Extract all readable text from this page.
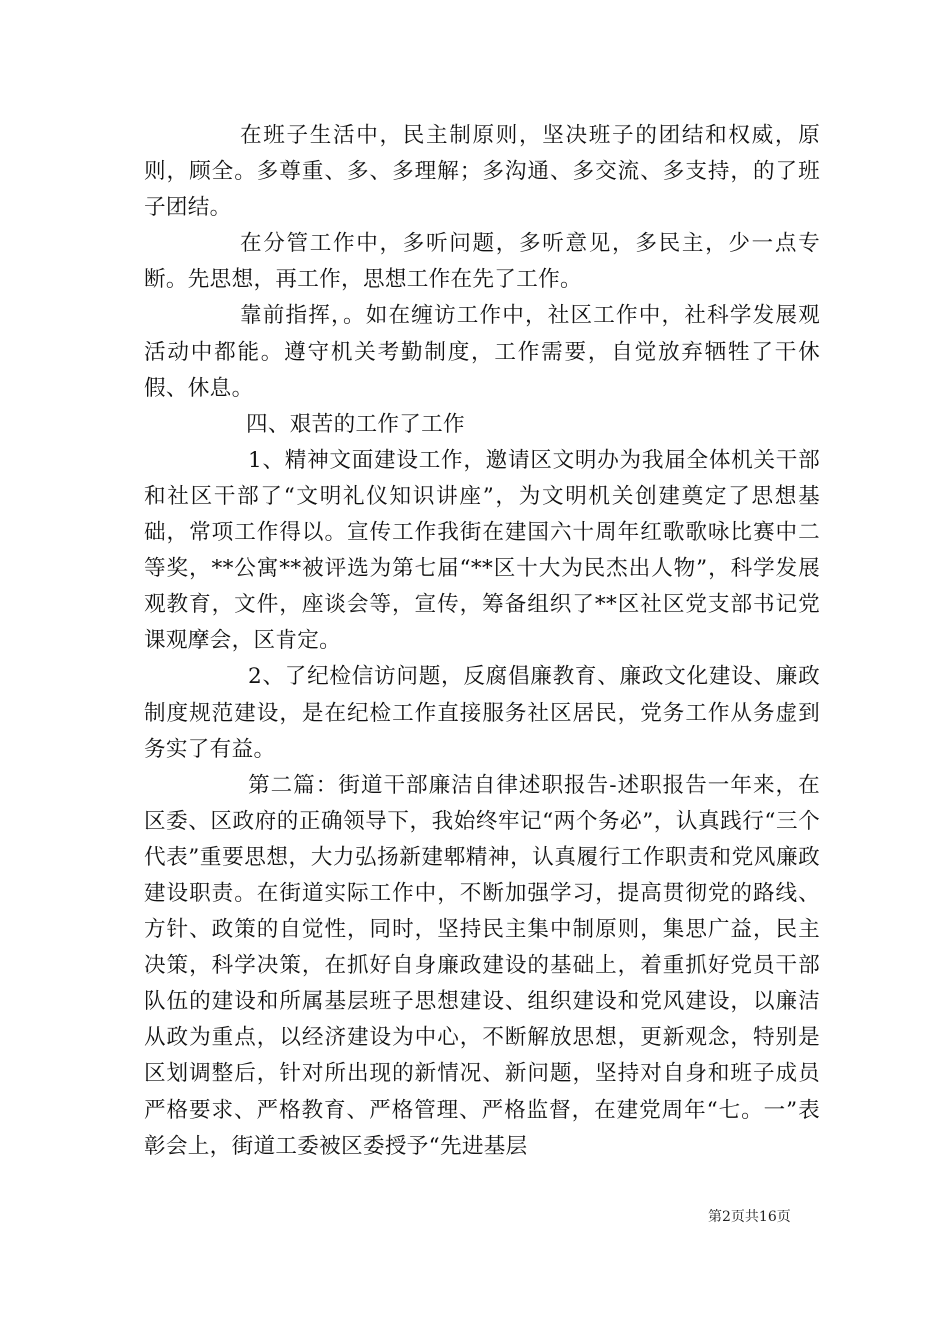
在班子生活中，民主制原则，坚决班子的团结和权威，原则，顾全。多尊重、多、多理解；多沟通、多交流、多支持，的了班子团结。

在分管工作中，多听问题，多听意见，多民主，少一点专断。先思想，再工作，思想工作在先了工作。

靠前指挥，。如在缠访工作中，社区工作中，社科学发展观活动中都能。遵守机关考勤制度，工作需要，自觉放弃牺牲了干休假、休息。

四、艰苦的工作了工作

1、精神文面建设工作，邀请区文明办为我届全体机关干部和社区干部了“文明礼仪知识讲座”，为文明机关创建奠定了思想基础，常项工作得以。宣传工作我街在建国六十周年红歌歌咏比赛中二等奖，**公寓**被评选为第七届“**区十大为民杰出人物”，科学发展观教育，文件，座谈会等，宣传，筹备组织了**区社区党支部书记党课观摩会，区肯定。

2、了纪检信访问题，反腐倡廉教育、廉政文化建设、廉政制度规范建设，是在纪检工作直接服务社区居民，党务工作从务虚到务实了有益。

第二篇：街道干部廉洁自律述职报告-述职报告一年来，在区委、区政府的正确领导下，我始终牢记“两个务必”，认真践行“三个代表”重要思想，大力弘扬新建郫精神，认真履行工作职责和党风廉政建设职责。在街道实际工作中，不断加强学习，提高贯彻党的路线、方针、政策的自觉性，同时，坚持民主集中制原则，集思广益，民主决策，科学决策，在抓好自身廉政建设的基础上，着重抓好党员干部队伍的建设和所属基层班子思想建设、组织建设和党风建设，以廉洁从政为重点，以经济建设为中心，不断解放思想，更新观念，特别是区划调整后，针对所出现的新情况、新问题，坚持对自身和班子成员严格要求、严格教育、严格管理、严格监督，在建党周年“七。一”表彰会上，街道工委被区委授予“先进基层

第2页共16页
